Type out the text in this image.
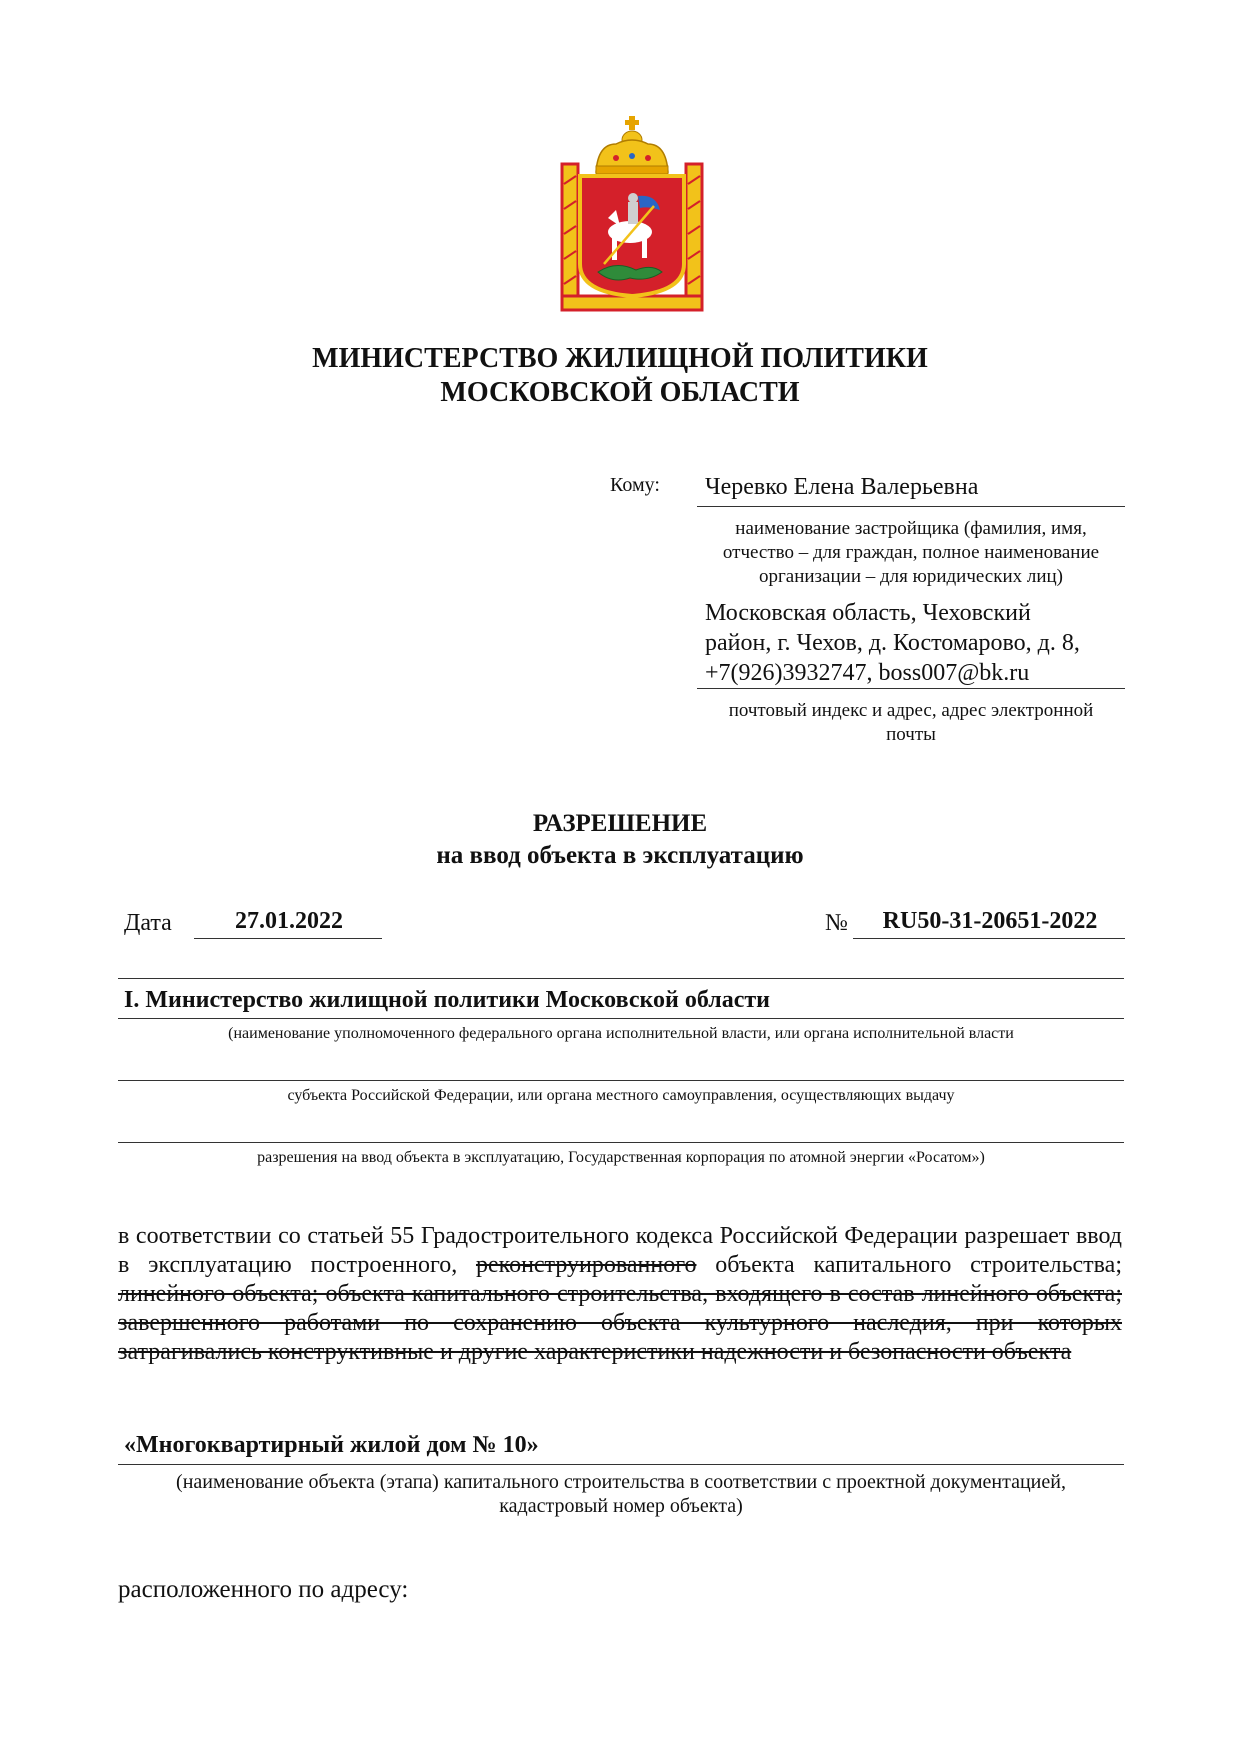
МИНИСТЕРСТВО ЖИЛИЩНОЙ ПОЛИТИКИ
МОСКОВСКОЙ ОБЛАСТИ
Кому: Черевко Елена Валерьевна
наименование застройщика (фамилия, имя,
отчество – для граждан, полное наименование
организации – для юридических лиц)
Московская область, Чеховский
район, г. Чехов, д. Костомарово, д. 8,
+7(926)3932747, boss007@bk.ru
почтовый индекс и адрес, адрес электронной
почты
РАЗРЕШЕНИЕ
на ввод объекта в эксплуатацию
Дата	27.01.2022	№	RU50-31-20651-2022
I. Министерство жилищной политики Московской области
(наименование уполномоченного федерального органа исполнительной власти, или органа исполнительной власти
субъекта Российской Федерации, или органа местного самоуправления, осуществляющих выдачу
разрешения на ввод объекта в эксплуатацию, Государственная корпорация по атомной энергии «Росатом»)
в соответствии со статьей 55 Градостроительного кодекса Российской Федерации разрешает ввод в эксплуатацию построенного, реконструированного объекта капитального строительства; линейного объекта; объекта капитального строительства, входящего в состав линейного объекта; завершенного работами по сохранению объекта культурного наследия, при которых затрагивались конструктивные и другие характеристики надежности и безопасности объекта
«Многоквартирный жилой дом № 10»
(наименование объекта (этапа) капитального строительства в соответствии с проектной документацией,
кадастровый номер объекта)
расположенного по адресу:
